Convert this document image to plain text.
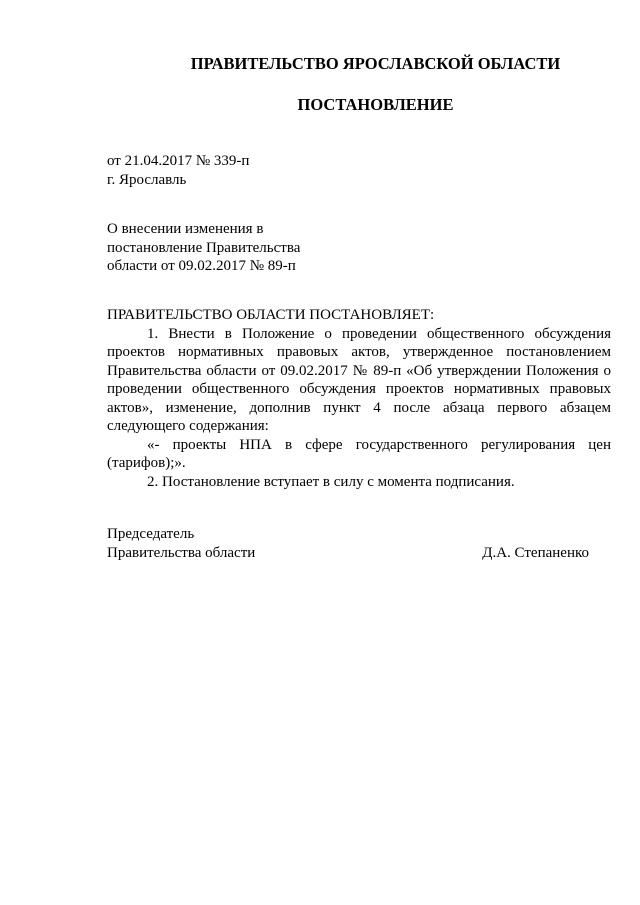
ПРАВИТЕЛЬСТВО ЯРОСЛАВСКОЙ ОБЛАСТИ
ПОСТАНОВЛЕНИЕ
от 21.04.2017 № 339-п
г. Ярославль
О внесении изменения в
постановление Правительства
области от 09.02.2017 № 89-п
ПРАВИТЕЛЬСТВО ОБЛАСТИ ПОСТАНОВЛЯЕТ:

1. Внести в Положение о проведении общественного обсуждения проектов нормативных правовых актов, утвержденное постановлением Правительства области от 09.02.2017 № 89-п «Об утверждении Положения о проведении общественного обсуждения проектов нормативных правовых актов», изменение, дополнив пункт 4 после абзаца первого абзацем следующего содержания:

«- проекты НПА в сфере государственного регулирования цен (тарифов);».

2. Постановление вступает в силу с момента подписания.

Председатель
Правительства области	Д.А. Степаненко
